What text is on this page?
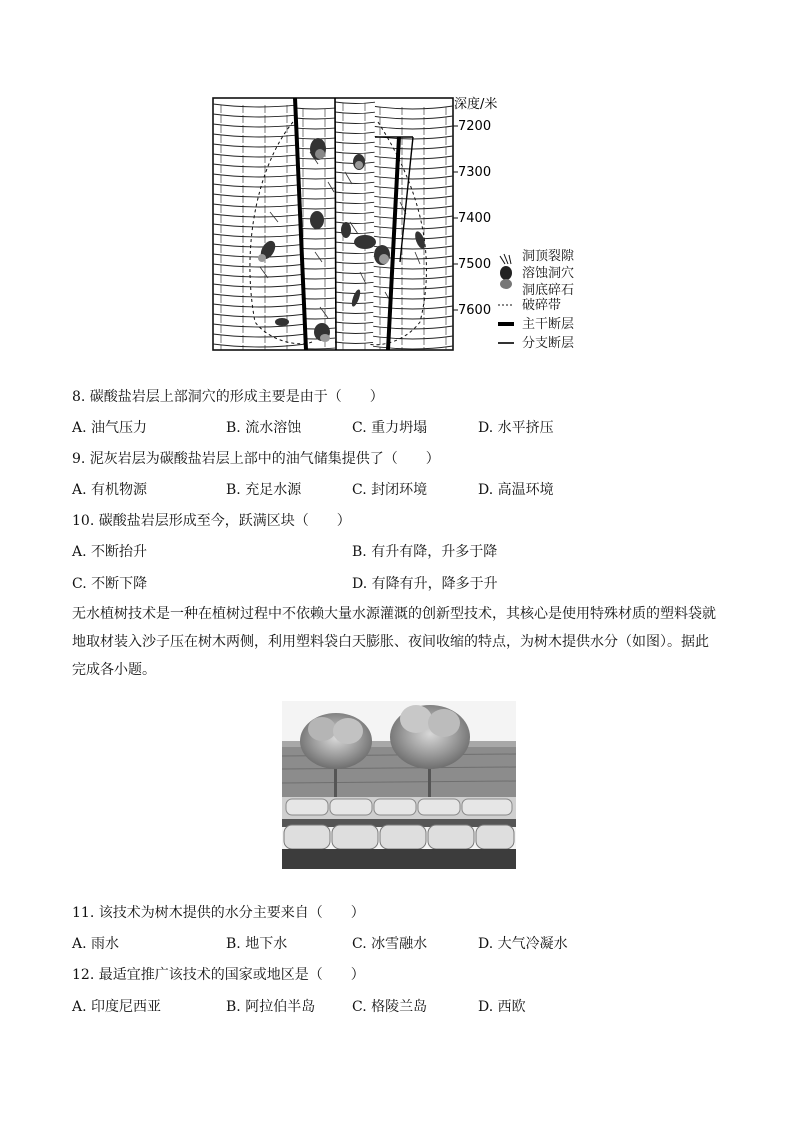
深度/米
7200
7300
7400
7500
7600
洞顶裂隙
溶蚀洞穴
洞底碎石
破碎带
主干断层
分支断层
8. 碳酸盐岩层上部洞穴的形成主要是由于（　　）
A. 油气压力	B. 流水溶蚀	C. 重力坍塌	D. 水平挤压
9. 泥灰岩层为碳酸盐岩层上部中的油气储集提供了（　　）
A. 有机物源	B. 充足水源	C. 封闭环境	D. 高温环境
10. 碳酸盐岩层形成至今，跃满区块（　　）
A. 不断抬升	B. 有升有降，升多于降
C. 不断下降	D. 有降有升，降多于升
无水植树技术是一种在植树过程中不依赖大量水源灌溉的创新型技术，其核心是使用特殊材质的塑料袋就地取材装入沙子压在树木两侧，利用塑料袋白天膨胀、夜间收缩的特点，为树木提供水分（如图）。据此完成各小题。
11. 该技术为树木提供的水分主要来自（　　）
A. 雨水	B. 地下水	C. 冰雪融水	D. 大气冷凝水
12. 最适宜推广该技术的国家或地区是（　　）
A. 印度尼西亚	B. 阿拉伯半岛	C. 格陵兰岛	D. 西欧
